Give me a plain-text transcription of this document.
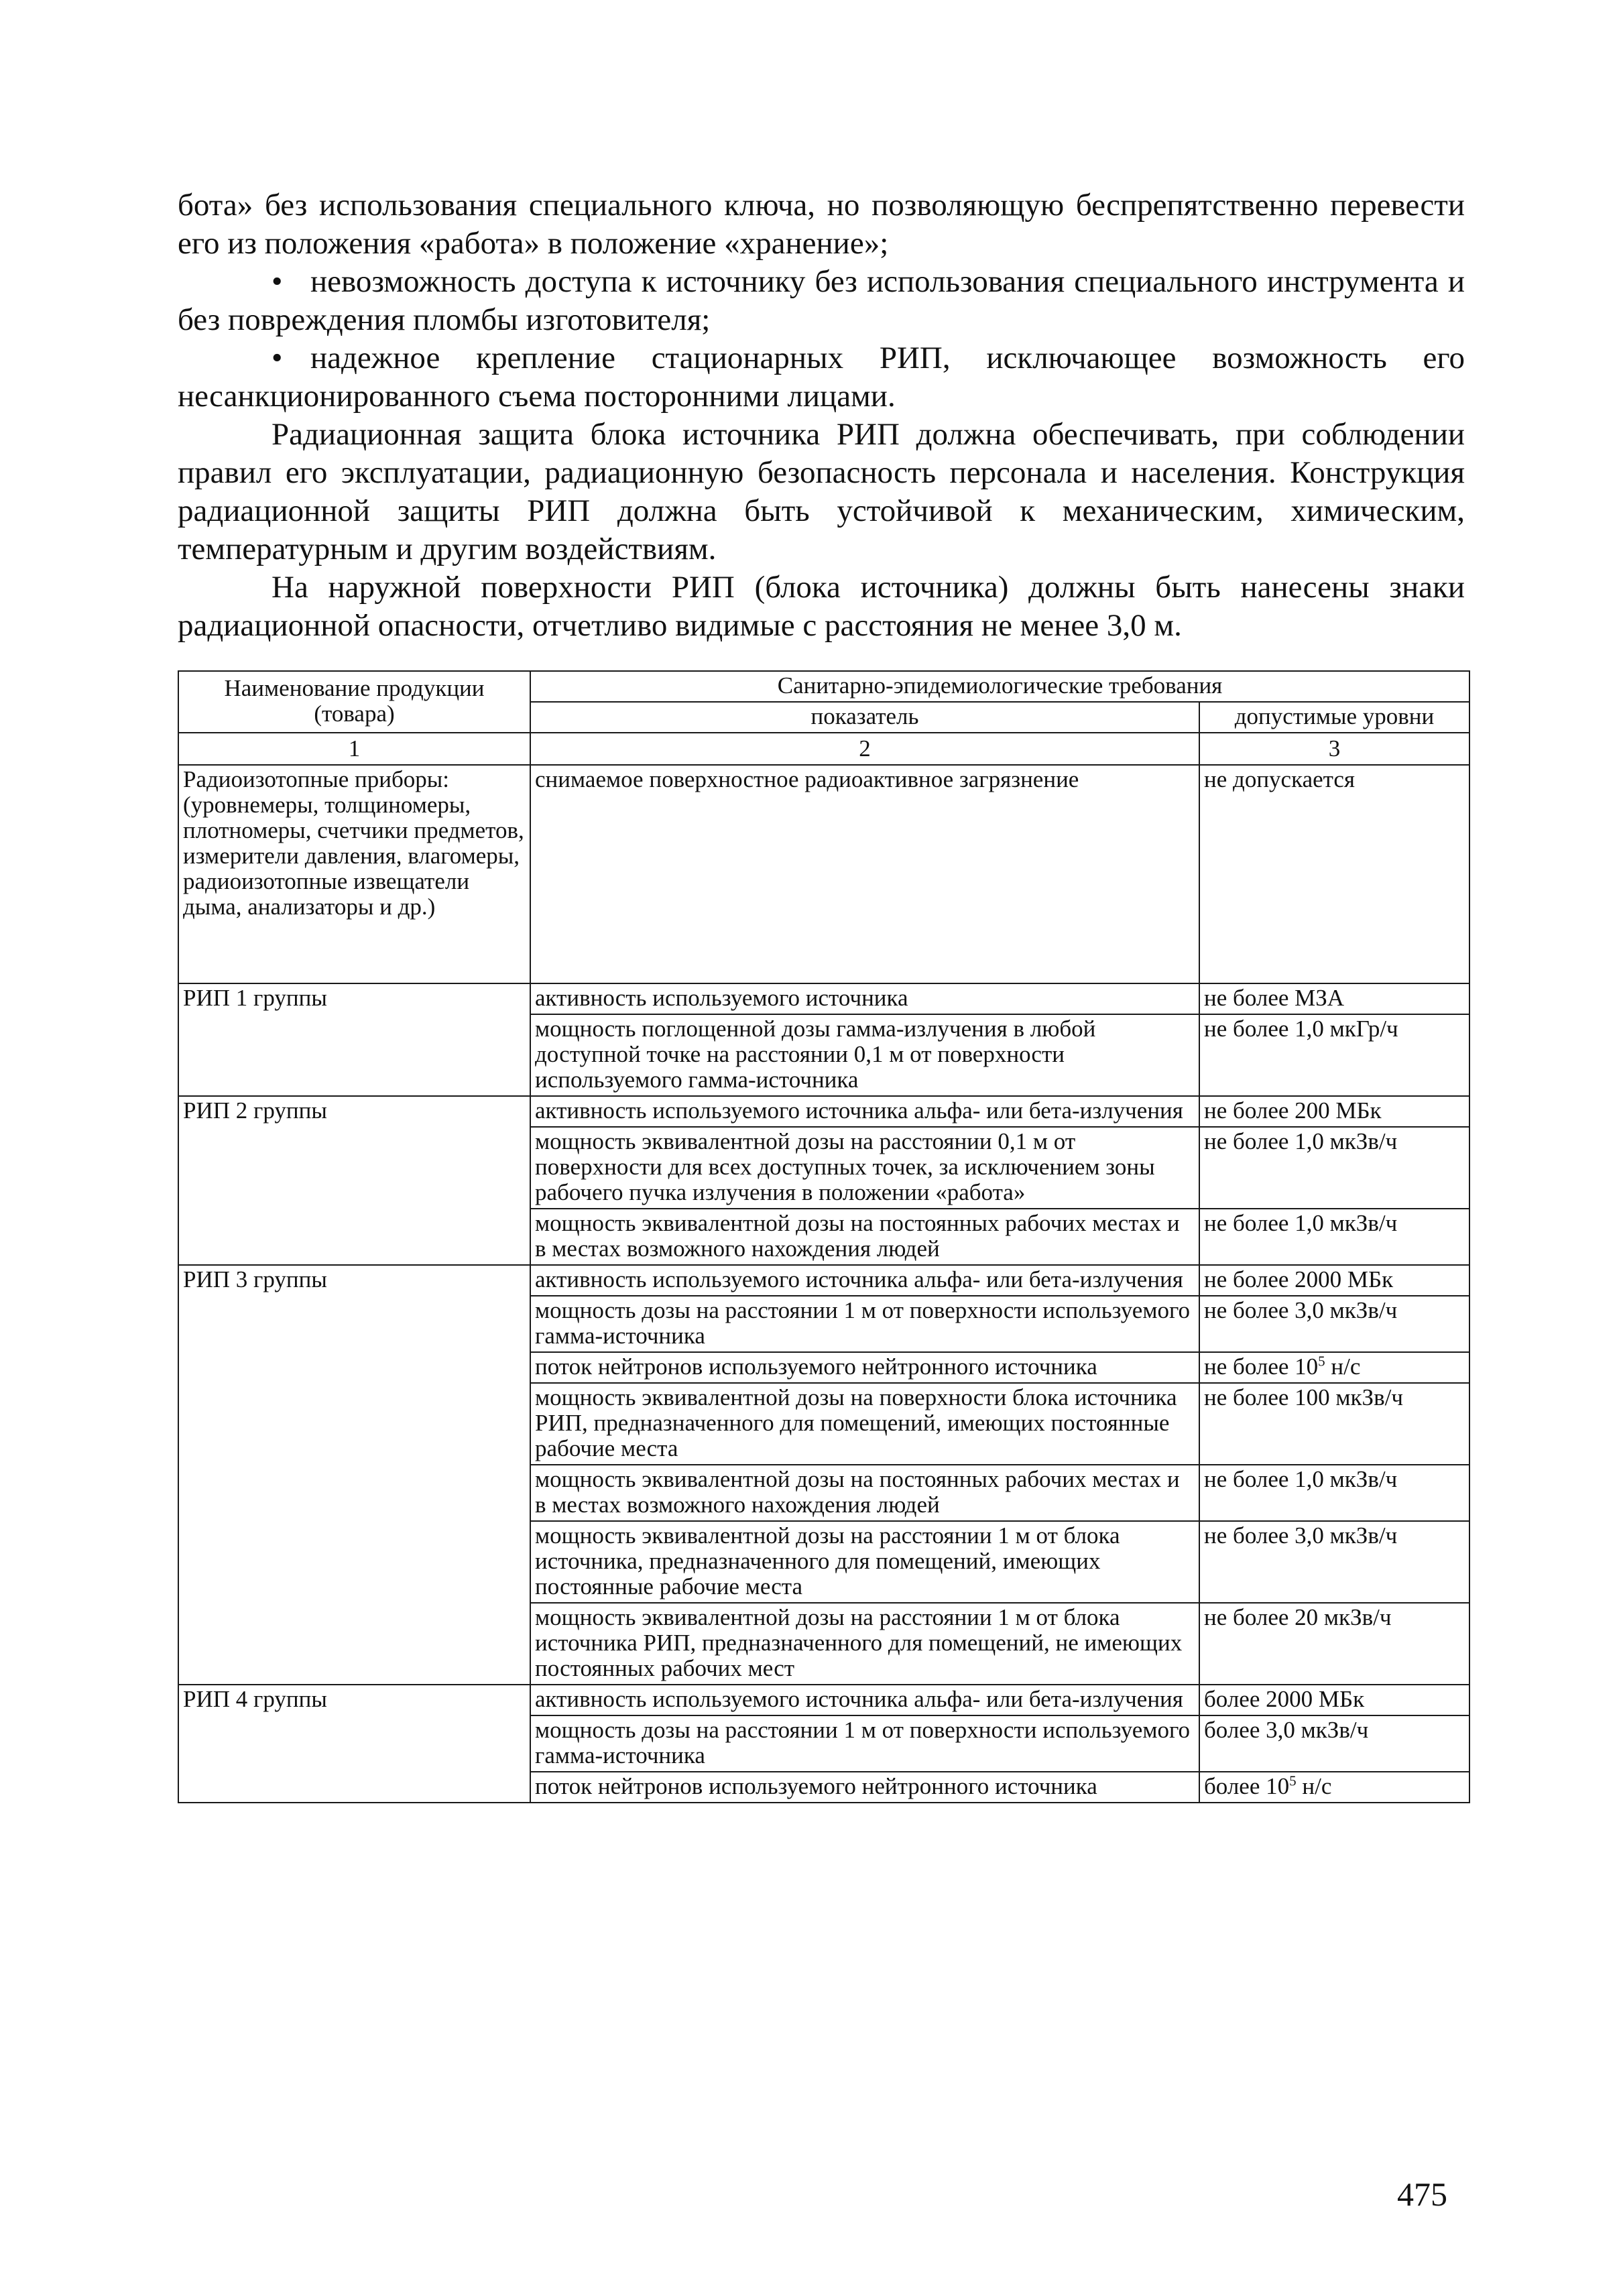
бота» без использования специального ключа, но позволяющую беспрепятственно перевести его из положения «работа» в положение «хранение»;

• невозможность доступа к источнику без использования специального инструмента и без повреждения пломбы изготовителя;

• надежное крепление стационарных РИП, исключающее возможность его несанкционированного съема посторонними лицами.

Радиационная защита блока источника РИП должна обеспечивать, при соблюдении правил его эксплуатации, радиационную безопасность персонала и населения. Конструкция радиационной защиты РИП должна быть устойчивой к механическим, химическим, температурным и другим воздействиям.

На наружной поверхности РИП (блока источника) должны быть нанесены знаки радиационной опасности, отчетливо видимые с расстояния не менее 3,0 м.

Наименование продукции (товара)	Санитарно-эпидемиологические требования	
	показатель	допустимые уровни
1	2	3
Радиоизотопные приборы: (уровнемеры, толщиномеры, плотномеры, счетчики предметов, измерители давления, влагомеры, радиоизотопные извещатели дыма, анализаторы и др.)	снимаемое поверхностное радиоактивное загрязнение	не допускается
РИП 1 группы	активность используемого источника	не более МЗА
	мощность поглощенной дозы гамма-излучения в любой доступной точке на расстоянии 0,1 м от поверхности используемого гамма-источника	не более 1,0 мкГр/ч
РИП 2 группы	активность используемого источника альфа- или бета-излучения	не более 200 МБк
	мощность эквивалентной дозы на расстоянии 0,1 м от поверхности для всех доступных точек, за исключением зоны рабочего пучка излучения в положении «работа»	не более 1,0 мкЗв/ч
	мощность эквивалентной дозы на постоянных рабочих местах и в местах возможного нахождения людей	не более 1,0 мкЗв/ч
РИП 3 группы	активность используемого источника альфа- или бета-излучения	не более 2000 МБк
	мощность дозы на расстоянии 1 м от поверхности используемого гамма-источника	не более 3,0 мкЗв/ч
	поток нейтронов используемого нейтронного источника	не более $10^5$ н/с
	мощность эквивалентной дозы на поверхности блока источника РИП, предназначенного для помещений, имеющих постоянные рабочие места	не более 100 мкЗв/ч
	мощность эквивалентной дозы на постоянных рабочих местах и в местах возможного нахождения людей	не более 1,0 мкЗв/ч
	мощность эквивалентной дозы на расстоянии 1 м от блока источника, предназначенного для помещений, имеющих постоянные рабочие места	не более 3,0 мкЗв/ч
	мощность эквивалентной дозы на расстоянии 1 м от блока источника РИП, предназначенного для помещений, не имеющих постоянных рабочих мест	не более 20 мкЗв/ч
РИП 4 группы	активность используемого источника альфа- или бета-излучения	более 2000 МБк
	мощность дозы на расстоянии 1 м от поверхности используемого гамма-источника	более 3,0 мкЗв/ч
	поток нейтронов используемого нейтронного источника	более $10^5$ н/с
475
